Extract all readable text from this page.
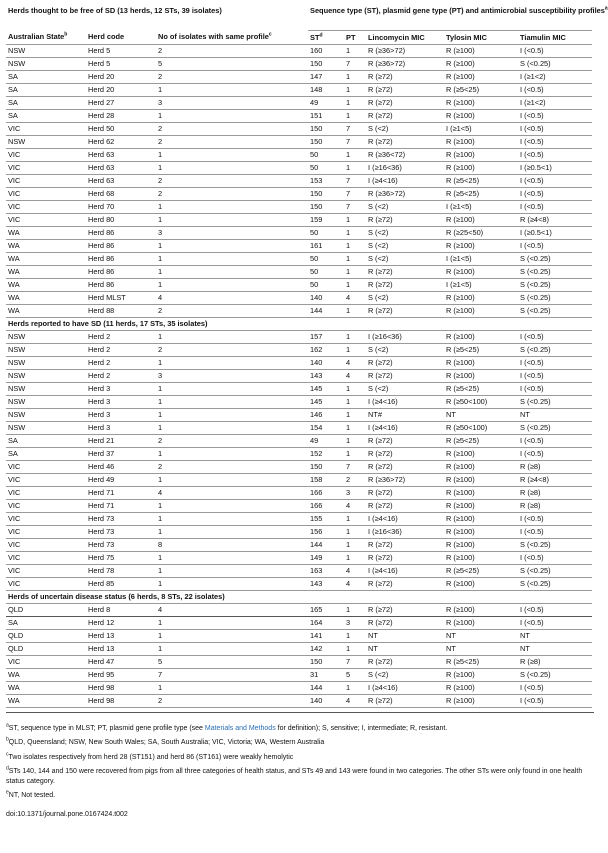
Herds thought to be free of SD (13 herds, 12 STs, 39 isolates)			Sequence type (ST), plasmid gene type (PT) and antimicrobial susceptibility profiles$^a$
Australian State$^b$	Herd code	No of isolates with same profile$^c$	$ST^d$	PT	Lincomycin MIC	Tylosin MIC	Tiamulin MIC
NSW	Herd 5	2	160	1	R (≥36>72)	R (≥100)	I (<0.5)
NSW	Herd 5	5	150	7	R (≥36>72)	R (≥100)	S (<0.25)
SA	Herd 20	2	147	1	R (≥72)	R (≥100)	I (≥1<2)
SA	Herd 20	1	148	1	R (≥72)	R (≥5<25)	I (<0.5)
SA	Herd 27	3	49	1	R (≥72)	R (≥100)	I (≥1<2)
SA	Herd 28	1	151	1	R (≥72)	R (≥100)	I (<0.5)
VIC	Herd 50	2	150	7	S (<2)	I (≥1<5)	I (<0.5)
NSW	Herd 62	2	150	7	R (≥72)	R (≥100)	I (<0.5)
VIC	Herd 63	1	50	1	R (≥36<72)	R (≥100)	I (<0.5)
VIC	Herd 63	1	50	1	I (≥16<36)	R (≥100)	I (≥0.5<1)
VIC	Herd 63	2	153	7	I (≥4<16)	R (≥5<25)	I (<0.5)
VIC	Herd 68	2	150	7	R (≥36>72)	R (≥5<25)	I (<0.5)
VIC	Herd 70	1	150	7	S (<2)	I (≥1<5)	I (<0.5)
VIC	Herd 80	1	159	1	R (≥72)	R (≥100)	R (≥4<8)
WA	Herd 86	3	50	1	S (<2)	R (≥25<50)	I (≥0.5<1)
WA	Herd 86	1	161	1	S (<2)	R (≥100)	I (<0.5)
WA	Herd 86	1	50	1	S (<2)	I (≥1<5)	S (<0.25)
WA	Herd 86	1	50	1	R (≥72)	R (≥100)	S (<0.25)
WA	Herd 86	1	50	1	R (≥72)	I (≥1<5)	S (<0.25)
WA	Herd MLST	4	140	4	S (<2)	R (≥100)	S (<0.25)
WA	Herd 88	2	144	1	R (≥72)	R (≥100)	S (<0.25)
Herds reported to have SD (11 herds, 17 STs, 35 isolates)							
NSW	Herd 2	1	157	1	I (≥16<36)	R (≥100)	I (<0.5)
NSW	Herd 2	2	162	1	S (<2)	R (≥5<25)	S (<0.25)
NSW	Herd 2	1	140	4	R (≥72)	R (≥100)	I (<0.5)
NSW	Herd 2	3	143	4	R (≥72)	R (≥100)	I (<0.5)
NSW	Herd 3	1	145	1	S (<2)	R (≥5<25)	I (<0.5)
NSW	Herd 3	1	145	1	I (≥4<16)	R (≥50<100)	S (<0.25)
NSW	Herd 3	1	146	1	NT#	NT	NT
NSW	Herd 3	1	154	1	I (≥4<16)	R (≥50<100)	S (<0.25)
SA	Herd 21	2	49	1	R (≥72)	R (≥5<25)	I (<0.5)
SA	Herd 37	1	152	1	R (≥72)	R (≥100)	I (<0.5)
VIC	Herd 46	2	150	7	R (≥72)	R (≥100)	R (≥8)
VIC	Herd 49	1	158	2	R (≥36>72)	R (≥100)	R (≥4<8)
VIC	Herd 71	4	166	3	R (≥72)	R (≥100)	R (≥8)
VIC	Herd 71	1	166	4	R (≥72)	R (≥100)	R (≥8)
VIC	Herd 73	1	155	1	I (≥4<16)	R (≥100)	I (<0.5)
VIC	Herd 73	1	156	1	I (≥16<36)	R (≥100)	I (<0.5)
VIC	Herd 73	8	144	1	R (≥72)	R (≥100)	S (<0.25)
VIC	Herd 75	1	149	1	R (≥72)	R (≥100)	I (<0.5)
VIC	Herd 78	1	163	4	I (≥4<16)	R (≥5<25)	S (<0.25)
VIC	Herd 85	1	143	4	R (≥72)	R (≥100)	S (<0.25)
Herds of uncertain disease status (6 herds, 8 STs, 22 isolates)							
QLD	Herd 8	4	165	1	R (≥72)	R (≥100)	I (<0.5)
SA	Herd 12	1	164	3	R (≥72)	R (≥100)	I (<0.5)
QLD	Herd 13	1	141	1	NT	NT	NT
QLD	Herd 13	1	142	1	NT	NT	NT
VIC	Herd 47	5	150	7	R (≥72)	R (≥5<25)	R (≥8)
WA	Herd 95	7	31	5	S (<2)	R (≥100)	S (<0.25)
WA	Herd 98	1	144	1	I (≥4<16)	R (≥100)	I (<0.5)
WA	Herd 98	2	140	4	R (≥72)	R (≥100)	I (<0.5)

$^a$ST, sequence type in MLST; PT, plasmid gene profile type (see Materials and Methods for definition); S, sensitive; I, intermediate; R, resistant.

$^b$QLD, Queensland; NSW, New South Wales; SA, South Australia; VIC, Victoria; WA, Western Australia

$^c$Two isolates respectively from herd 28 (ST151) and herd 86 (ST161) were weakly hemolytic

$^d$STs 140, 144 and 150 were recovered from pigs from all three categories of health status, and STs 49 and 143 were found in two categories. The other STs were only found in one health status category.

$^e$NT, Not tested.

doi:10.1371/journal.pone.0167424.t002
